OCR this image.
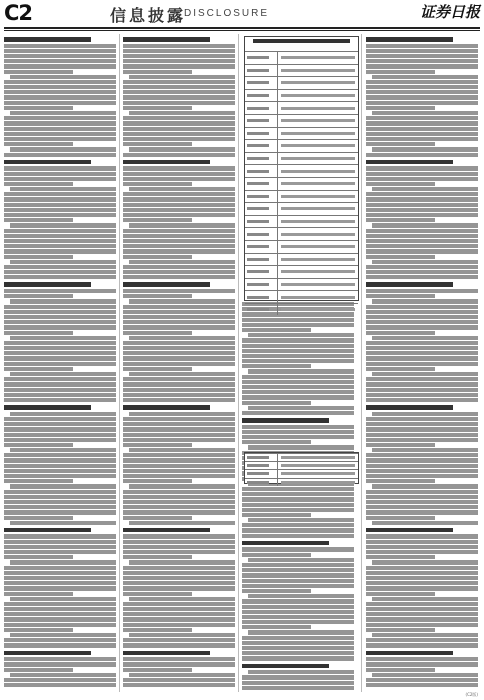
C2	信息披露
DISCLOSURE	证券日报
(C2版)
